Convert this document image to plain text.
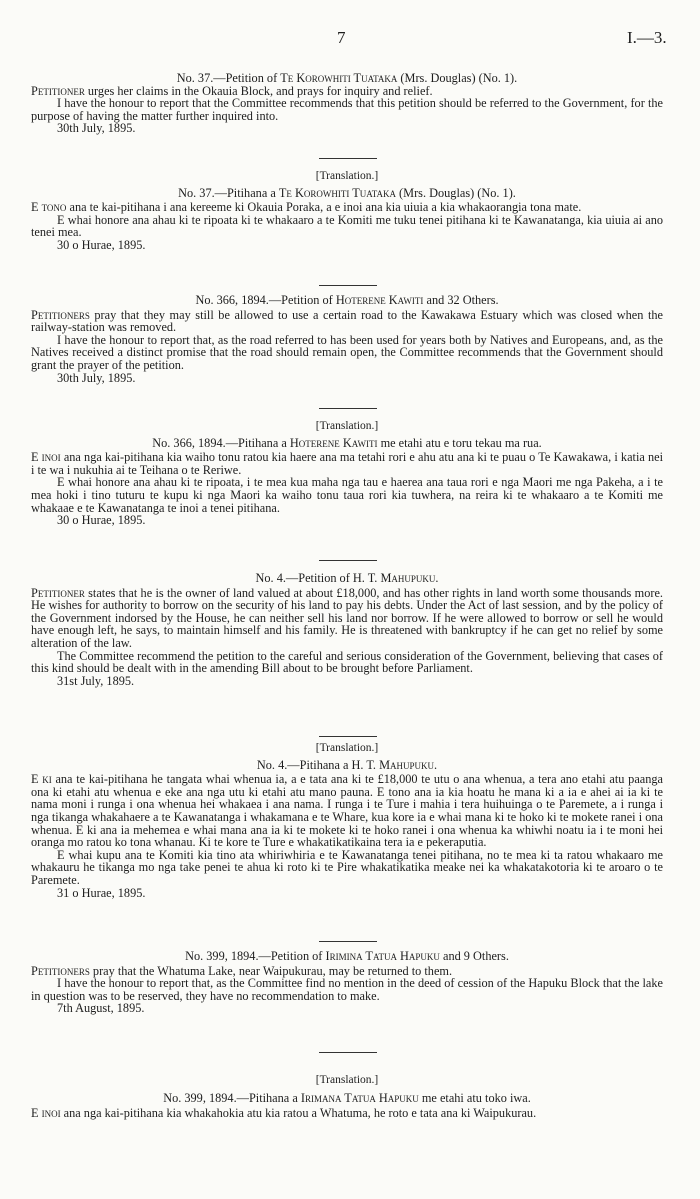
7	I.—3.
No. 37.—Petition of Te Korowhiti Tuataka (Mrs. Douglas) (No. 1).

Petitioner urges her claims in the Okauia Block, and prays for inquiry and relief.

I have the honour to report that the Committee recommends that this petition should be referred to the Government, for the purpose of having the matter further inquired into.

30th July, 1895.
[Translation.]
No. 37.—Pitihana a Te Korowhiti Tuataka (Mrs. Douglas) (No. 1).

E tono ana te kai-pitihana i ana kereeme ki Okauia Poraka, a e inoi ana kia uiuia a kia whakaorangia tona mate.

E whai honore ana ahau ki te ripoata ki te whakaaro a te Komiti me tuku tenei pitihana ki te Kawanatanga, kia uiuia ai ano tenei mea.

30 o Hurae, 1895.
No. 366, 1894.—Petition of Hoterene Kawiti and 32 Others.

Petitioners pray that they may still be allowed to use a certain road to the Kawakawa Estuary which was closed when the railway-station was removed.

I have the honour to report that, as the road referred to has been used for years both by Natives and Europeans, and, as the Natives received a distinct promise that the road should remain open, the Committee recommends that the Government should grant the prayer of the petition.

30th July, 1895.
[Translation.]
No. 366, 1894.—Pitihana a Hoterene Kawiti me etahi atu e toru tekau ma rua.

E inoi ana nga kai-pitihana kia waiho tonu ratou kia haere ana ma tetahi rori e ahu atu ana ki te puau o Te Kawakawa, i katia nei i te wa i nukuhia ai te Teihana o te Reriwe.

E whai honore ana ahau ki te ripoata, i te mea kua maha nga tau e haerea ana taua rori e nga Maori me nga Pakeha, a i te mea hoki i tino tuturu te kupu ki nga Maori ka waiho tonu taua rori kia tuwhera, na reira ki te whakaaro a te Komiti me whakaae e te Kawanatanga te inoi a tenei pitihana.

30 o Hurae, 1895.
No. 4.—Petition of H. T. Mahupuku.

Petitioner states that he is the owner of land valued at about £18,000, and has other rights in land worth some thousands more. He wishes for authority to borrow on the security of his land to pay his debts. Under the Act of last session, and by the policy of the Government indorsed by the House, he can neither sell his land nor borrow. If he were allowed to borrow or sell he would have enough left, he says, to maintain himself and his family. He is threatened with bankruptcy if he can get no relief by some alteration of the law.

The Committee recommend the petition to the careful and serious consideration of the Government, believing that cases of this kind should be dealt with in the amending Bill about to be brought before Parliament.

31st July, 1895.
[Translation.]
No. 4.—Pitihana a H. T. Mahupuku.

E ki ana te kai-pitihana he tangata whai whenua ia, a e tata ana ki te £18,000 te utu o ana whenua, a tera ano etahi atu paanga ona ki etahi atu whenua e eke ana nga utu ki etahi atu mano pauna. E tono ana ia kia hoatu he mana ki a ia e ahei ai ia ki te nama moni i runga i ona whenua hei whakaea i ana nama. I runga i te Ture i mahia i tera huihuinga o te Paremete, a i runga i nga tikanga whakahaere a te Kawanatanga i whakamana e te Whare, kua kore ia e whai mana ki te hoko ki te mokete ranei i ona whenua. E ki ana ia mehemea e whai mana ana ia ki te mokete ki te hoko ranei i ona whenua ka whiwhi noatu ia i te moni hei oranga mo ratou ko tona whanau. Ki te kore te Ture e whakatikatikaina tera ia e pekeraputia.

E whai kupu ana te Komiti kia tino ata whiriwhiria e te Kawanatanga tenei pitihana, no te mea ki ta ratou whakaaro me whakauru he tikanga mo nga take penei te ahua ki roto ki te Pire whakatikatika meake nei ka whakatakotoria ki te aroaro o te Paremete.

31 o Hurae, 1895.
No. 399, 1894.—Petition of Irimina Tatua Hapuku and 9 Others.

Petitioners pray that the Whatuma Lake, near Waipukurau, may be returned to them.

I have the honour to report that, as the Committee find no mention in the deed of cession of the Hapuku Block that the lake in question was to be reserved, they have no recommendation to make.

7th August, 1895.
[Translation.]
No. 399, 1894.—Pitihana a Irimana Tatua Hapuku me etahi atu toko iwa.

E inoi ana nga kai-pitihana kia whakahokia atu kia ratou a Whatuma, he roto e tata ana ki Waipukurau.
